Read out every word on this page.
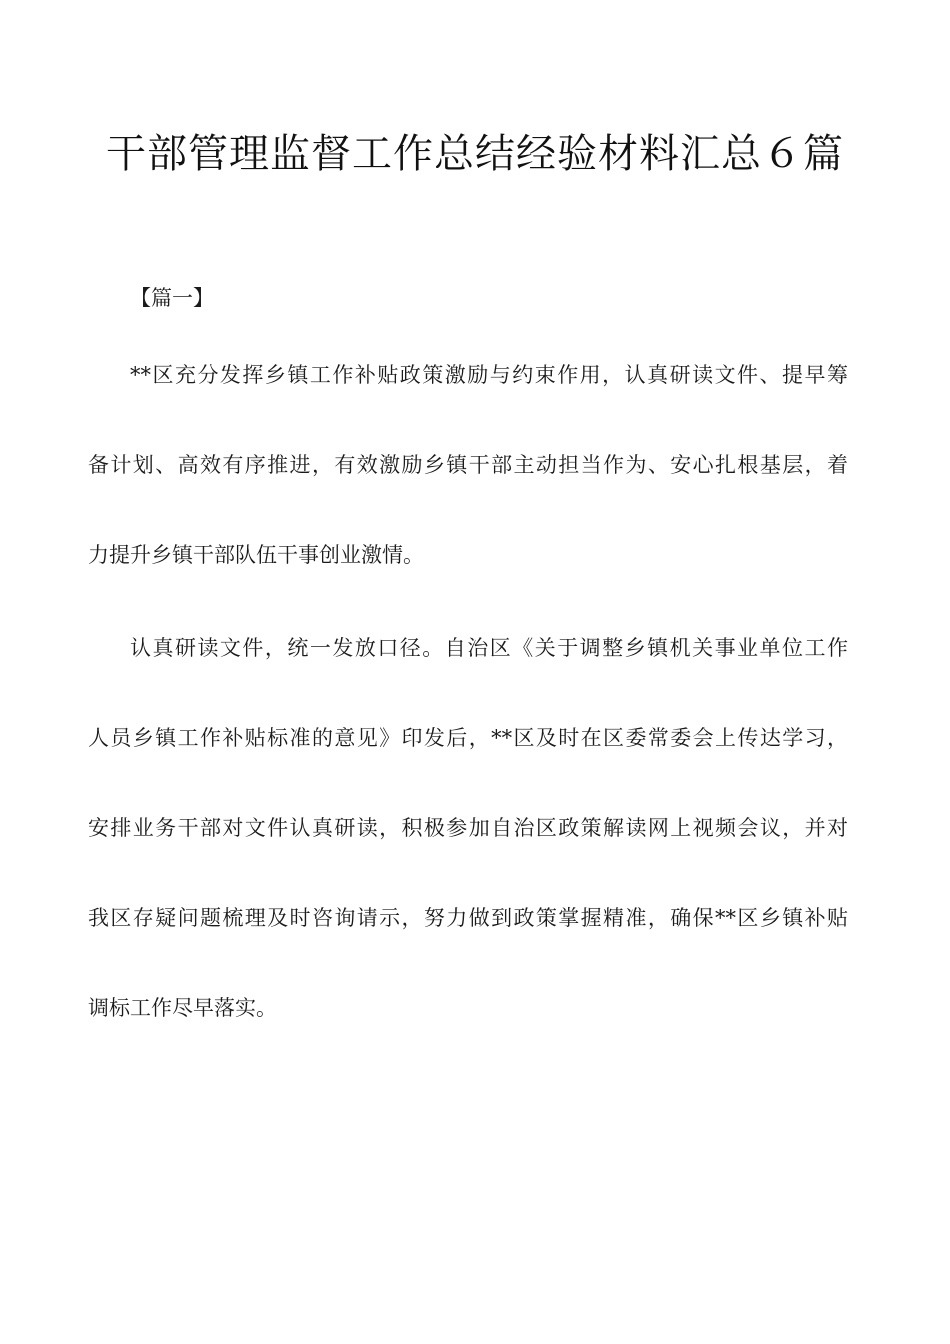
干部管理监督工作总结经验材料汇总６篇
【篇一】
**区充分发挥乡镇工作补贴政策激励与约束作用，认真研读文件、提早筹
备计划、高效有序推进，有效激励乡镇干部主动担当作为、安心扎根基层，着
力提升乡镇干部队伍干事创业激情。
认真研读文件，统一发放口径。自治区《关于调整乡镇机关事业单位工作
人员乡镇工作补贴标准的意见》印发后，**区及时在区委常委会上传达学习，
安排业务干部对文件认真研读，积极参加自治区政策解读网上视频会议，并对
我区存疑问题梳理及时咨询请示，努力做到政策掌握精准，确保**区乡镇补贴
调标工作尽早落实。
